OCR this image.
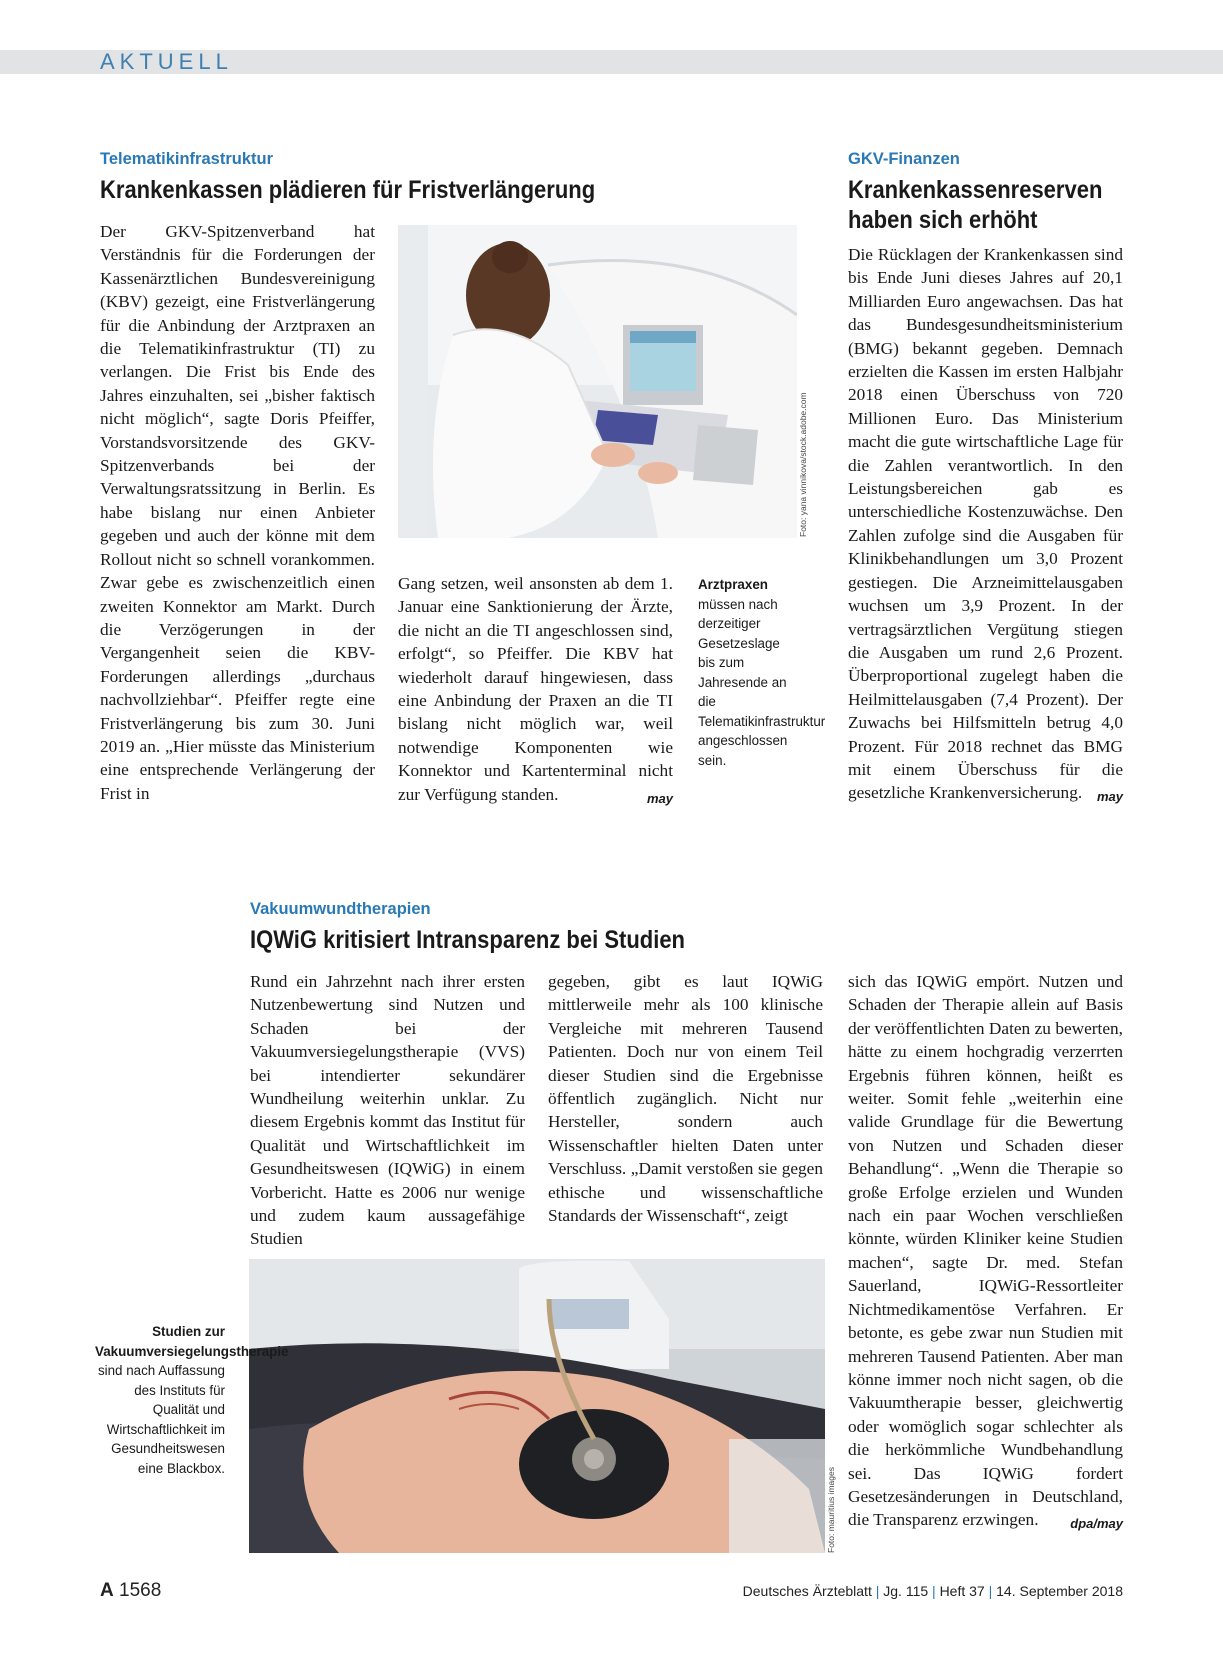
AKTUELL
Telematikinfrastruktur
Krankenkassen plädieren für Fristverlängerung
Der GKV-Spitzenverband hat Verständnis für die Forderungen der Kassenärztlichen Bundesvereinigung (KBV) gezeigt, eine Fristverlängerung für die Anbindung der Arztpraxen an die Telematikinfrastruktur (TI) zu verlangen. Die Frist bis Ende des Jahres einzuhalten, sei „bisher faktisch nicht möglich“, sagte Doris Pfeiffer, Vorstandsvorsitzende des GKV-Spitzenverbands bei der Verwaltungsratssitzung in Berlin. Es habe bislang nur einen Anbieter gegeben und auch der könne mit dem Rollout nicht so schnell vorankommen. Zwar gebe es zwischenzeitlich einen zweiten Konnektor am Markt. Durch die Verzögerungen in der Vergangenheit seien die KBV-Forderungen allerdings „durchaus nachvollziehbar“. Pfeiffer regte eine Fristverlängerung bis zum 30. Juni 2019 an. „Hier müsste das Ministerium eine entsprechende Verlängerung der Frist in
Foto: yana vinnikova/stock.adobe.com
Gang setzen, weil ansonsten ab dem 1. Januar eine Sanktionierung der Ärzte, die nicht an die TI angeschlossen sind, erfolgt“, so Pfeiffer. Die KBV hat wiederholt darauf hingewiesen, dass eine Anbindung der Praxen an die TI bislang nicht möglich war, weil notwendige Komponenten wie Konnektor und Kartenterminal nicht zur Verfügung standen.	may
Arztpraxen müssen nach derzeitiger Gesetzeslage bis zum Jahresende an die Telematikinfrastruktur angeschlossen sein.
GKV-Finanzen
Krankenkassenreserven
haben sich erhöht
Die Rücklagen der Krankenkassen sind bis Ende Juni dieses Jahres auf 20,1 Milliarden Euro angewachsen. Das hat das Bundesgesundheitsministerium (BMG) bekannt gegeben. Demnach erzielten die Kassen im ersten Halbjahr 2018 einen Überschuss von 720 Millionen Euro. Das Ministerium macht die gute wirtschaftliche Lage für die Zahlen verantwortlich. In den Leistungsbereichen gab es unterschiedliche Kostenzuwächse. Den Zahlen zufolge sind die Ausgaben für Klinikbehandlungen um 3,0 Prozent gestiegen. Die Arzneimittelausgaben wuchsen um 3,9 Prozent. In der vertragsärztlichen Vergütung stiegen die Ausgaben um rund 2,6 Prozent. Überproportional zugelegt haben die Heilmittelausgaben (7,4 Prozent). Der Zuwachs bei Hilfsmitteln betrug 4,0 Prozent. Für 2018 rechnet das BMG mit einem Überschuss für die gesetzliche Krankenversicherung. may
Vakuumwundtherapien
IQWiG kritisiert Intransparenz bei Studien
Rund ein Jahrzehnt nach ihrer ersten Nutzenbewertung sind Nutzen und Schaden bei der Vakuumversiegelungstherapie (VVS) bei intendierter sekundärer Wundheilung weiterhin unklar. Zu diesem Ergebnis kommt das Institut für Qualität und Wirtschaftlichkeit im Gesundheitswesen (IQWiG) in einem Vorbericht. Hatte es 2006 nur wenige und zudem kaum aussagefähige Studien
gegeben, gibt es laut IQWiG mittlerweile mehr als 100 klinische Vergleiche mit mehreren Tausend Patienten. Doch nur von einem Teil dieser Studien sind die Ergebnisse öffentlich zugänglich. Nicht nur Hersteller, sondern auch Wissenschaftler hielten Daten unter Verschluss. „Damit verstoßen sie gegen ethische und wissenschaftliche Standards der Wissenschaft“, zeigt
sich das IQWiG empört. Nutzen und Schaden der Therapie allein auf Basis der veröffentlichten Daten zu bewerten, hätte zu einem hochgradig verzerrten Ergebnis führen können, heißt es weiter. Somit fehle „weiterhin eine valide Grundlage für die Bewertung von Nutzen und Schaden dieser Behandlung“. „Wenn die Therapie so große Erfolge erzielen und Wunden nach ein paar Wochen verschließen könnte, würden Kliniker keine Studien machen“, sagte Dr. med. Stefan Sauerland, IQWiG-Ressortleiter Nichtmedikamentöse Verfahren. Er betonte, es gebe zwar nun Studien mit mehreren Tausend Patienten. Aber man könne immer noch nicht sagen, ob die Vakuumtherapie besser, gleichwertig oder womöglich sogar schlechter als die herkömmliche Wundbehandlung sei. Das IQWiG fordert Gesetzesänderungen in Deutschland, die Transparenz erzwingen. dpa/may
Foto: mauritius images
Studien zur Vakuumversiegelungstherapie sind nach Auffassung des Instituts für Qualität und Wirtschaftlichkeit im Gesundheitswesen eine Blackbox.
A 1568	Deutsches Ärzteblatt | Jg. 115 | Heft 37 | 14. September 2018
